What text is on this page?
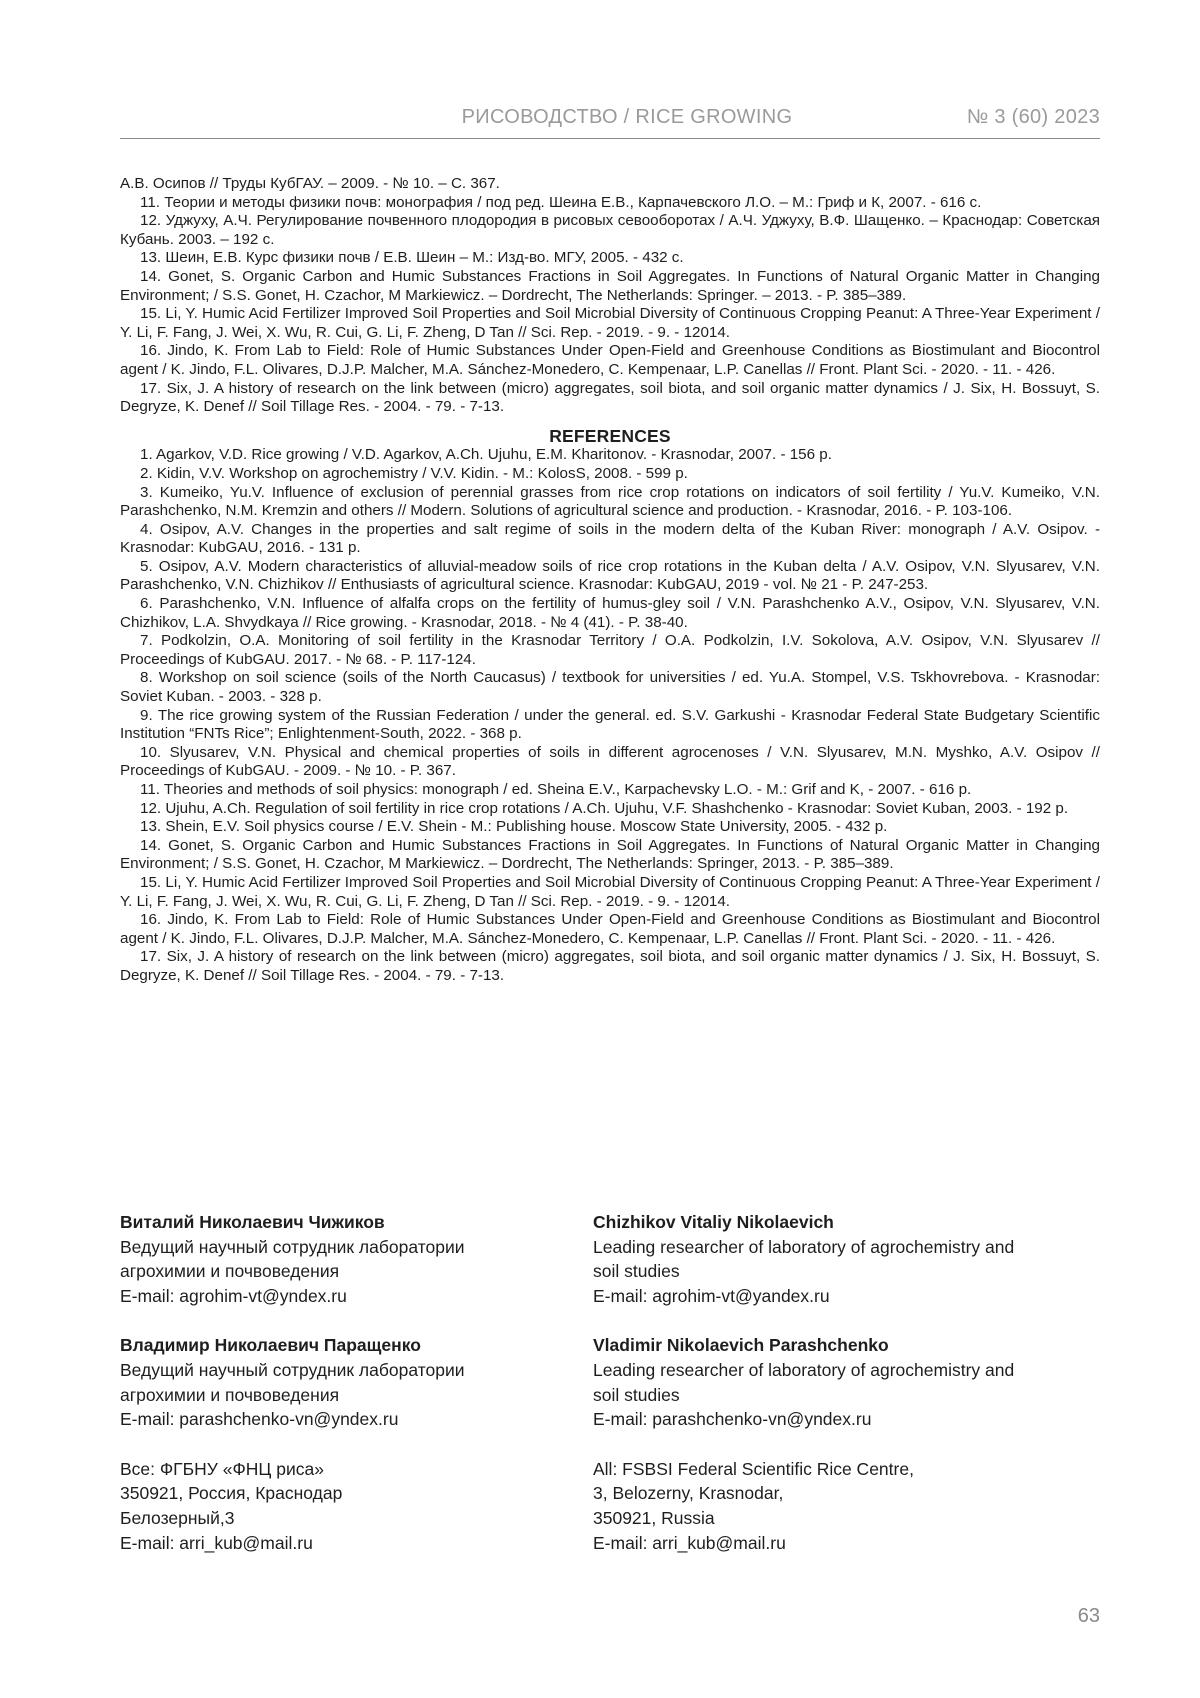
РИСОВОДСТВО / RICE GROWING	№ 3 (60) 2023

А.В. Осипов // Труды КубГАУ. – 2009. - № 10. – С. 367.

11. Теории и методы физики почв: монография / под ред. Шеина Е.В., Карпачевского Л.О. – М.: Гриф и К, 2007. - 616 с.

12. Уджуху, А.Ч. Регулирование почвенного плодородия в рисовых севооборотах / А.Ч. Уджуху, В.Ф. Шащенко. – Краснодар: Советская Кубань. 2003. – 192 с.

13. Шеин, Е.В. Курс физики почв / Е.В. Шеин – М.: Изд-во. МГУ, 2005. - 432 с.

14. Gonet, S. Organic Carbon and Humic Substances Fractions in Soil Aggregates. In Functions of Natural Organic Matter in Changing Environment; / S.S. Gonet, H. Czachor, M Markiewicz. – Dordrecht, The Netherlands: Springer. – 2013. - P. 385–389.

15. Li, Y. Humic Acid Fertilizer Improved Soil Properties and Soil Microbial Diversity of Continuous Cropping Peanut: A Three-Year Experiment / Y. Li, F. Fang, J. Wei, X. Wu, R. Cui, G. Li, F. Zheng, D Tan // Sci. Rep. - 2019. - 9. - 12014.

16. Jindo, K. From Lab to Field: Role of Humic Substances Under Open-Field and Greenhouse Conditions as Biostimulant and Biocontrol agent / K. Jindo, F.L. Olivares, D.J.P. Malcher, M.A. Sánchez-Monedero, C. Kempenaar, L.P. Canellas // Front. Plant Sci. - 2020. - 11. - 426.

17. Six, J. A history of research on the link between (micro) aggregates, soil biota, and soil organic matter dynamics / J. Six, H. Bossuyt, S. Degryze, K. Denef // Soil Tillage Res. - 2004. - 79. - 7-13.

REFERENCES

1. Agarkov, V.D. Rice growing / V.D. Agarkov, A.Ch. Ujuhu, E.M. Kharitonov. - Krasnodar, 2007. - 156 p.

2. Kidin, V.V. Workshop on agrochemistry / V.V. Kidin. - M.: KolosS, 2008. - 599 p.

3. Kumeiko, Yu.V. Influence of exclusion of perennial grasses from rice crop rotations on indicators of soil fertility / Yu.V. Kumeiko, V.N. Parashchenko, N.M. Kremzin and others // Modern. Solutions of agricultural science and production. - Krasnodar, 2016. - P. 103-106.

4. Osipov, A.V. Changes in the properties and salt regime of soils in the modern delta of the Kuban River: monograph / A.V. Osipov. - Krasnodar: KubGAU, 2016. - 131 p.

5. Osipov, A.V. Modern characteristics of alluvial-meadow soils of rice crop rotations in the Kuban delta / A.V. Osipov, V.N. Slyusarev, V.N. Parashchenko, V.N. Chizhikov // Enthusiasts of agricultural science. Krasnodar: KubGAU, 2019 - vol. № 21 - P. 247-253.

6. Parashchenko, V.N. Influence of alfalfa crops on the fertility of humus-gley soil / V.N. Parashchenko A.V., Osipov, V.N. Slyusarev, V.N. Chizhikov, L.A. Shvydkaya // Rice growing. - Krasnodar, 2018. - № 4 (41). - P. 38-40.

7. Podkolzin, O.A. Monitoring of soil fertility in the Krasnodar Territory / O.A. Podkolzin, I.V. Sokolova, A.V. Osipov, V.N. Slyusarev // Proceedings of KubGAU. 2017. - № 68. - P. 117-124.

8. Workshop on soil science (soils of the North Caucasus) / textbook for universities / ed. Yu.A. Stompel, V.S. Tskhovrebova. - Krasnodar: Soviet Kuban. - 2003. - 328 p.

9. The rice growing system of the Russian Federation / under the general. ed. S.V. Garkushi - Krasnodar Federal State Budgetary Scientific Institution “FNTs Rice”; Enlightenment-South, 2022. - 368 p.

10. Slyusarev, V.N. Physical and chemical properties of soils in different agrocenoses / V.N. Slyusarev, M.N. Myshko, A.V. Osipov // Proceedings of KubGAU. - 2009. - № 10. - P. 367.

11. Theories and methods of soil physics: monograph / ed. Sheina E.V., Karpachevsky L.O. - M.: Grif and K, - 2007. - 616 p.

12. Ujuhu, A.Ch. Regulation of soil fertility in rice crop rotations / A.Ch. Ujuhu, V.F. Shashchenko - Krasnodar: Soviet Kuban, 2003. - 192 p.

13. Shein, E.V. Soil physics course / E.V. Shein - M.: Publishing house. Moscow State University, 2005. - 432 p.

14. Gonet, S. Organic Carbon and Humic Substances Fractions in Soil Aggregates. In Functions of Natural Organic Matter in Changing Environment; / S.S. Gonet, H. Czachor, M Markiewicz. – Dordrecht, The Netherlands: Springer, 2013. - P. 385–389.

15. Li, Y. Humic Acid Fertilizer Improved Soil Properties and Soil Microbial Diversity of Continuous Cropping Peanut: A Three-Year Experiment / Y. Li, F. Fang, J. Wei, X. Wu, R. Cui, G. Li, F. Zheng, D Tan // Sci. Rep. - 2019. - 9. - 12014.

16. Jindo, K. From Lab to Field: Role of Humic Substances Under Open-Field and Greenhouse Conditions as Biostimulant and Biocontrol agent / K. Jindo, F.L. Olivares, D.J.P. Malcher, M.A. Sánchez-Monedero, C. Kempenaar, L.P. Canellas // Front. Plant Sci. - 2020. - 11. - 426.

17. Six, J. A history of research on the link between (micro) aggregates, soil biota, and soil organic matter dynamics / J. Six, H. Bossuyt, S. Degryze, K. Denef // Soil Tillage Res. - 2004. - 79. - 7-13.

Виталий Николаевич Чижиков
Ведущий научный сотрудник лаборатории
агрохимии и почвоведения
E-mail: agrohim-vt@yndex.ru
Владимир Николаевич Паращенко
Ведущий научный сотрудник лаборатории
агрохимии и почвоведения
E-mail: parashchenko-vn@yndex.ru
Все: ФГБНУ «ФНЦ риса»
350921, Россия, Краснодар
Белозерный,3
E-mail: arri_kub@mail.ru
Chizhikov Vitaliy Nikolaevich
Leading researcher of laboratory of agrochemistry and
soil studies
E-mail: agrohim-vt@yandex.ru
Vladimir Nikolaevich Parashchenko
Leading researcher of laboratory of agrochemistry and
soil studies
E-mail: parashchenko-vn@yndex.ru
All: FSBSI Federal Scientific Rice Centre,
3, Belozerny, Krasnodar,
350921, Russia
E-mail: arri_kub@mail.ru
63
